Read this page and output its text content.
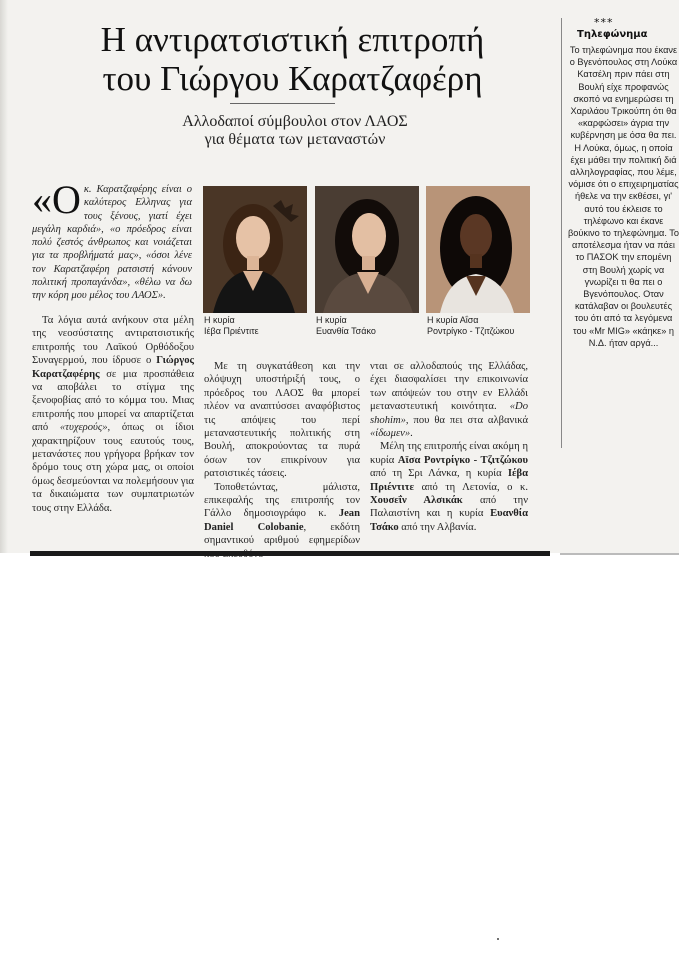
Η αντιρατσιστική επιτροπή
του Γιώργου Καρατζαφέρη
Αλλοδαποί σύμβουλοι στον ΛΑΟΣ
για θέματα των μεταναστών
«Οκ. Καρατζαφέρης είναι ο καλύτερος Ελληνας για τους ξένους, γιατί έχει μεγάλη καρδιά», «ο πρόεδρος είναι πολύ ζεστός άνθρωπος και νοιάζεται για τα προβλήματά μας», «όσοι λένε τον Καρατζαφέρη ρατσιστή κάνουν πολιτική προπαγάνδα», «θέλω να δω την κόρη μου μέλος του ΛΑΟΣ».

Τα λόγια αυτά ανήκουν στα μέλη της νεοσύστατης αντιρατσιστικής επιτροπής του Λαϊκού Ορθόδοξου Συναγερμού, που ίδρυσε ο Γιώργος Καρατζαφέρης σε μια προσπάθεια να αποβάλει το στίγμα της ξενοφοβίας από το κόμμα του. Μιας επιτροπής που μπορεί να απαρτίζεται από «τυχερούς», όπως οι ίδιοι χαρακτηρίζουν τους εαυτούς τους, μετανάστες που γρήγορα βρήκαν τον δρόμο τους στη χώρα μας, οι οποίοι όμως δεσμεύονται να πολεμήσουν για τα δικαιώματα των συμπατριωτών τους στην Ελλάδα.

Η κυρία
Ιέβα Πριέντιτε
Η κυρία
Ευανθία Τσάκο
Η κυρία Αΐσα
Ροντρίγκο - Τζιτζώκου

Με τη συγκατάθεση και την ολόψυχη υποστήριξή τους, ο πρόεδρος του ΛΑΟΣ θα μπορεί πλέον να αναπτύσσει αναφόβιστος τις απόψεις του περί μεταναστευτικής πολιτικής στη Βουλή, αποκρούοντας τα πυρά όσων τον επικρίνουν για ρατσιστικές τάσεις.

Τοποθετώντας, μάλιστα, επικεφαλής της επιτροπής τον Γάλλο δημοσιογράφο κ. Jean Daniel Colobanie, εκδότη σημαντικού αριθμού εφημερίδων

νται σε αλλοδαπούς της Ελλάδας, έχει διασφαλίσει την επικοινωνία των απόψεών του στην εν Ελλάδι μεταναστευτική κοινότητα. «Do shohim», που θα πει στα αλβανικά «ίδωμεν».

Μέλη της επιτροπής είναι ακόμη η κυρία Αϊσα Ροντρίγκο - Τζιτζώκου από τη Σρι Λάνκα, η κυρία Ιέβα Πριέντιτε από τη Λετονία, ο κ. Χουσεΐν Αλσικάκ από την Παλαιστίνη και η κυρία Ευανθία Τσάκο από την Αλβανία.

***
Τηλεφώνημα
Το τηλεφώνημα που έκανε ο Βγενόπουλος στη Λούκα Κατσέλη πριν πάει στη Βουλή είχε προφανώς σκοπό να ενημερώσει τη Χαριλάου Τρικούπη ότι θα «καρφώσει» άγρια την κυβέρνηση με όσα θα πει. Η Λούκα, όμως, η οποία έχει μάθει την πολιτική διά αλληλογραφίας, που λέμε, νόμισε ότι ο επιχειρηματίας ήθελε να την εκθέσει, γι' αυτό του έκλεισε το τηλέφωνο και έκανε βούκινο το τηλεφώνημα. Το αποτέλεσμα ήταν να πάει το ΠΑΣΟΚ την επομένη στη Βουλή χωρίς να γνωρίζει τι θα πει ο Βγενόπουλος. Οταν κατάλαβαν οι βουλευτές του ότι από τα λεγόμενα του «Mr MIG» «κάηκε» η Ν.Δ. ήταν αργά...
